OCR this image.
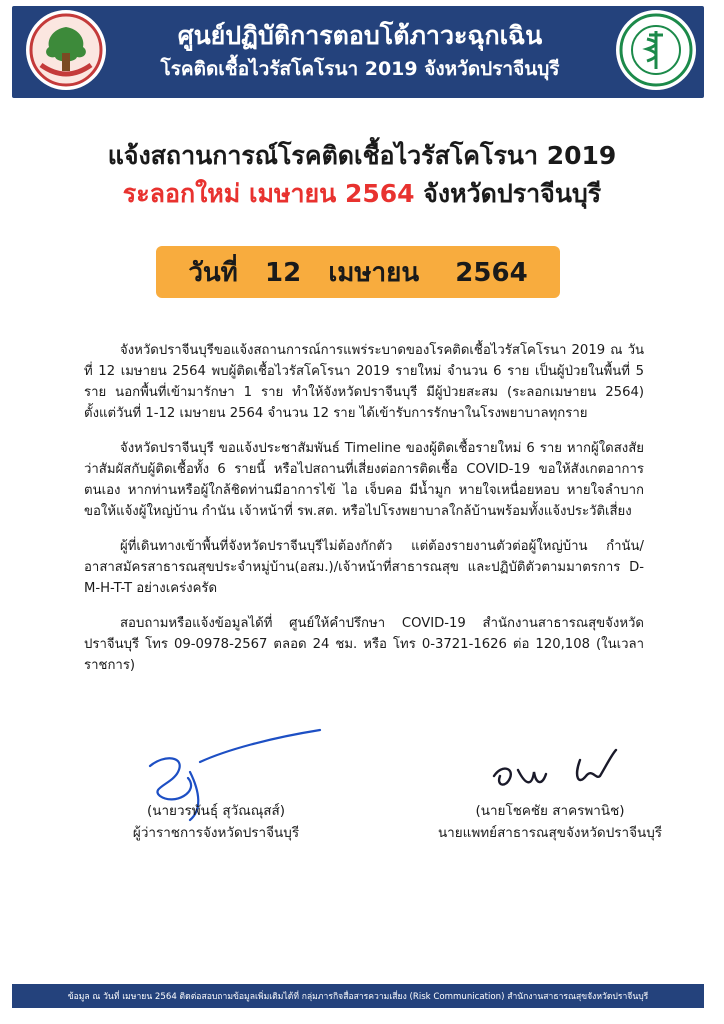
ศูนย์ปฏิบัติการตอบโต้ภาวะฉุกเฉิน
โรคติดเชื้อไวรัสโคโรนา 2019 จังหวัดปราจีนบุรี
แจ้งสถานการณ์โรคติดเชื้อไวรัสโคโรนา 2019
ระลอกใหม่ เมษายน 2564 จังหวัดปราจีนบุรี
วันที่   12   เมษายน    2564

จังหวัดปราจีนบุรีขอแจ้งสถานการณ์การแพร่ระบาดของโรคติดเชื้อไวรัสโคโรนา 2019 ณ วันที่ 12 เมษายน 2564 พบผู้ติดเชื้อไวรัสโคโรนา 2019 รายใหม่ จำนวน 6 ราย เป็นผู้ป่วยในพื้นที่ 5 ราย นอกพื้นที่เข้ามารักษา 1 ราย ทำให้จังหวัดปราจีนบุรี มีผู้ป่วยสะสม (ระลอกเมษายน 2564) ตั้งแต่วันที่ 1-12 เมษายน 2564 จำนวน 12 ราย ได้เข้ารับการรักษาในโรงพยาบาลทุกราย

จังหวัดปราจีนบุรี ขอแจ้งประชาสัมพันธ์ Timeline ของผู้ติดเชื้อรายใหม่ 6 ราย หากผู้ใดสงสัยว่าสัมผัสกับผู้ติดเชื้อทั้ง 6 รายนี้ หรือไปสถานที่เสี่ยงต่อการติดเชื้อ COVID-19 ขอให้สังเกตอาการตนเอง หากท่านหรือผู้ใกล้ชิดท่านมีอาการไข้ ไอ เจ็บคอ มีน้ำมูก หายใจเหนื่อยหอบ หายใจลำบาก ขอให้แจ้งผู้ใหญ่บ้าน กำนัน เจ้าหน้าที่ รพ.สต. หรือไปโรงพยาบาลใกล้บ้านพร้อมทั้งแจ้งประวัติเสี่ยง

ผู้ที่เดินทางเข้าพื้นที่จังหวัดปราจีนบุรีไม่ต้องกักตัว แต่ต้องรายงานตัวต่อผู้ใหญ่บ้าน กำนัน/อาสาสมัครสาธารณสุขประจำหมู่บ้าน(อสม.)/เจ้าหน้าที่สาธารณสุข และปฏิบัติตัวตามมาตรการ D-M-H-T-T อย่างเคร่งครัด

สอบถามหรือแจ้งข้อมูลได้ที่ ศูนย์ให้คำปรึกษา COVID-19 สำนักงานสาธารณสุขจังหวัดปราจีนบุรี โทร 09-0978-2567 ตลอด 24 ชม. หรือ โทร 0-3721-1626 ต่อ 120,108 (ในเวลาราชการ)

(นายวรพันธุ์ สุวัณณุสส์)
ผู้ว่าราชการจังหวัดปราจีนบุรี
(นายโชคชัย สาครพานิช)
นายแพทย์สาธารณสุขจังหวัดปราจีนบุรี
ข้อมูล ณ วันที่ เมษายน 2564 ติดต่อสอบถามข้อมูลเพิ่มเติมได้ที่ กลุ่มภารกิจสื่อสารความเสี่ยง (Risk Communication) สำนักงานสาธารณสุขจังหวัดปราจีนบุรี
